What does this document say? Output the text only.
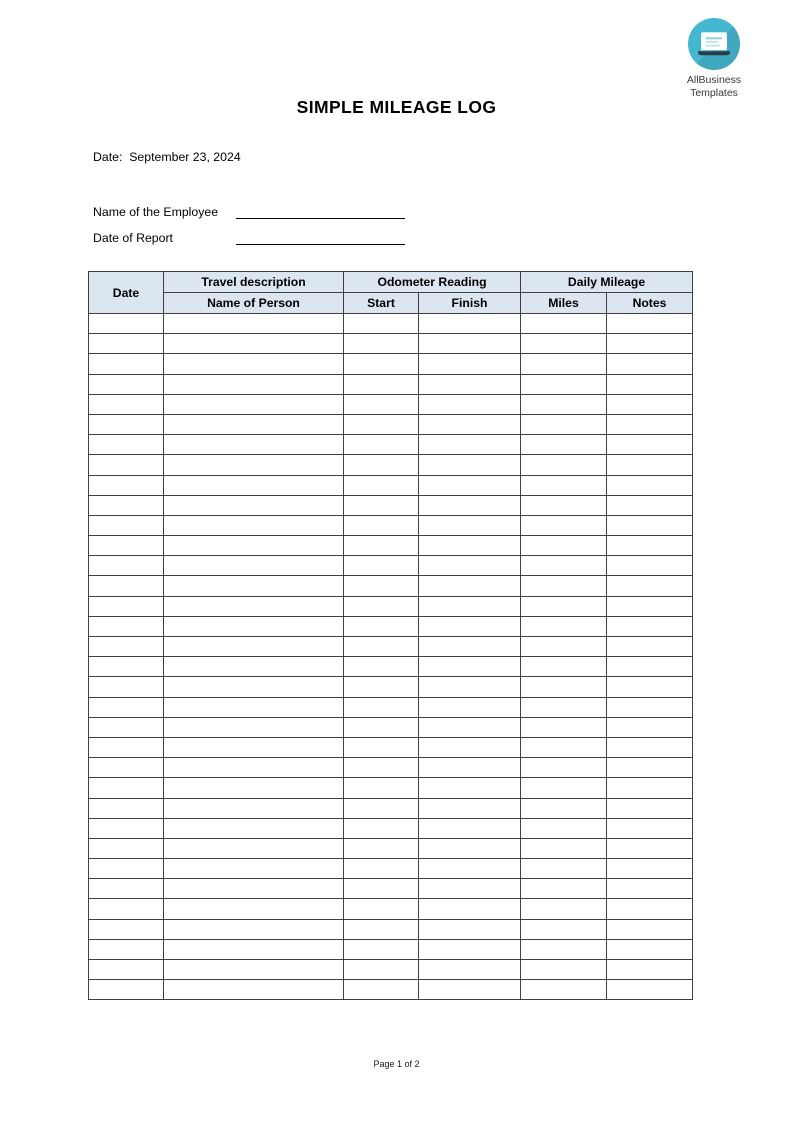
AllBusiness
Templates
SIMPLE MILEAGE LOG
Date:  September 23, 2024
Name of the Employee
Date of Report
Date	Travel description	Odometer Reading		Daily Mileage	
	Name of Person	Start	Finish	Miles	Notes

Page 1 of 2
